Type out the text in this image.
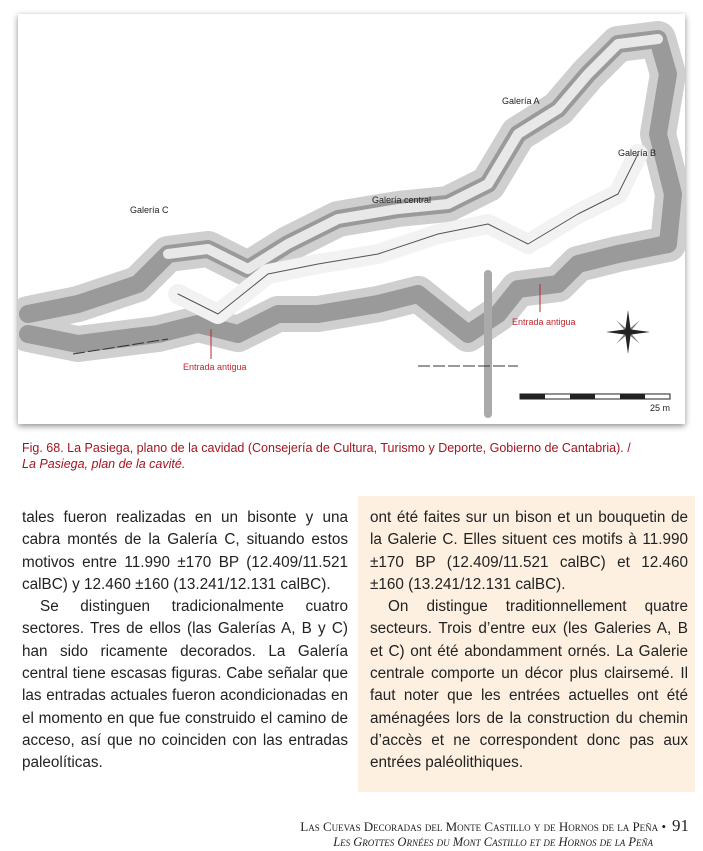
Galería A
Galería B
Galería C
Galería central
Entrada antigua
Entrada antigua
25 m
Fig. 68. La Pasiega, plano de la cavidad (Consejería de Cultura, Turismo y Deporte, Gobierno de Cantabria). /
La Pasiega, plan de la cavité.

tales fueron realizadas en un bisonte y una cabra montés de la Galería C, situando estos motivos entre 11.990 ±170 BP (12.409/11.521 calBC) y 12.460 ±160 (13.241/12.131 calBC).

Se distinguen tradicionalmente cuatro sectores. Tres de ellos (las Galerías A, B y C) han sido ricamente decorados. La Galería central tiene escasas figuras. Cabe señalar que las entradas actuales fueron acondicionadas en el momento en que fue construido el camino de acceso, así que no coinciden con las entradas paleolíticas.

ont été faites sur un bison et un bouquetin de la Galerie C. Elles situent ces motifs à 11.990 ±170 BP (12.409/11.521 calBC) et 12.460 ±160 (13.241/12.131 calBC).

On distingue traditionnellement quatre secteurs. Trois d’entre eux (les Galeries A, B et C) ont été abondamment ornés. La Galerie centrale comporte un décor plus clairsemé. Il faut noter que les entrées actuelles ont été aménagées lors de la construction du chemin d’accès et ne correspondent donc pas aux entrées paléolithiques.

Las Cuevas Decoradas del Monte Castillo y de Hornos de la Peña • 91
Les Grottes Ornées du Mont Castillo et de Hornos de la Peña
